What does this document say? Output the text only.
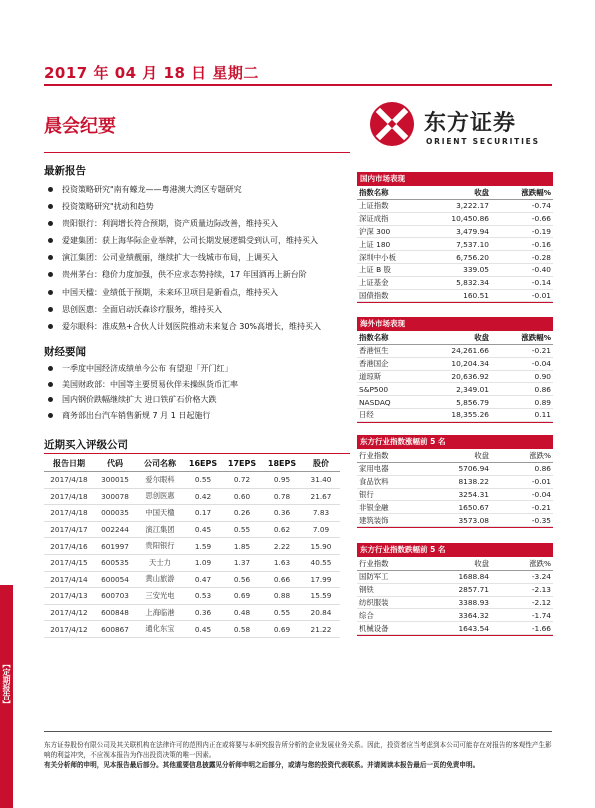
【定期报告】
2017 年 04 月 18 日 星期二
晨会纪要	东方证券
ORIENT SECURITIES
最新报告
投资策略研究"南有蠔龙——粤港澳大湾区专题研究
投资策略研究"扰动和趋势
贵阳银行：利润增长符合预期，资产质量边际改善，维持买入
爱建集团：获上海华际企业举牌，公司长期发展逻辑受到认可，维持买入
演江集团：公司业绩靓丽，继续扩大一线城市布局，上调买入
贵州茅台：稳价力度加强，供不应求态势持续，17 年国酒再上新台阶
中国天楹：业绩低于预期，未来环卫项目是新看点，维持买入
思创医惠：全面启动沃森诊疗服务，维持买入
爱尔眼科：准成熟+合伙人计划医院推动未来复合 30%高增长，维持买入
财经要闻
一季度中国经济成绩单今公布 有望迎「开门红」
美国财政部：中国等主要贸易伙伴未操纵货币汇率
国内钢价跌幅继续扩大 进口铁矿石价格大跌
商务部出台汽车销售新规 7 月 1 日起施行
近期买入评级公司
报告日期	代码	公司名称	16EPS	17EPS	18EPS	股价
2017/4/18	300015	爱尔眼科	0.55	0.72	0.95	31.40
2017/4/18	300078	思创医惠	0.42	0.60	0.78	21.67
2017/4/18	000035	中国天楹	0.17	0.26	0.36	7.83
2017/4/17	002244	演江集团	0.45	0.55	0.62	7.09
2017/4/16	601997	贵阳银行	1.59	1.85	2.22	15.90
2017/4/15	600535	天士力	1.09	1.37	1.63	40.55
2017/4/14	600054	黄山旅游	0.47	0.56	0.66	17.99
2017/4/13	600703	三安光电	0.53	0.69	0.88	15.59
2017/4/12	600848	上海临港	0.36	0.48	0.55	20.84
2017/4/12	600867	通化东宝	0.45	0.58	0.69	21.22
国内市场表现
指数名称	收盘	涨跌幅%
上证指数	3,222.17	-0.74
深证成指	10,450.86	-0.66
沪深 300	3,479.94	-0.19
上证 180	7,537.10	-0.16
深圳中小板	6,756.20	-0.28
上证 B 股	339.05	-0.40
上证基金	5,832.34	-0.14
国债指数	160.51	-0.01
海外市场表现
指数名称	收盘	涨跌幅%
香港恒生	24,261.66	-0.21
香港国企	10,204.34	-0.04
道琼斯	20,636.92	0.90
S&P500	2,349.01	0.86
NASDAQ	5,856.79	0.89
日经	18,355.26	0.11
东方行业指数涨幅前 5 名
行业指数	收盘	涨跌%
家用电器	5706.94	0.86
食品饮料	8138.22	-0.01
银行	3254.31	-0.04
非银金融	1650.67	-0.21
建筑装饰	3573.08	-0.35
东方行业指数跌幅前 5 名
行业指数	收盘	涨跌%
国防军工	1688.84	-3.24
钢铁	2857.71	-2.13
纺织服装	3388.93	-2.12
综合	3364.32	-1.74
机械设备	1643.54	-1.66
东方证券股份有限公司及其关联机构在法律许可的范围内正在或将要与本研究报告所分析的企业发展业务关系。因此，投资者应当考虑到本公司可能存在对报告的客观性产生影响的利益冲突，不应视本报告为作出投资决策的唯一因素。
有关分析师的申明，见本报告最后部分。其他重要信息披露见分析师申明之后部分，或请与您的投资代表联系。并请阅读本报告最后一页的免责申明。
